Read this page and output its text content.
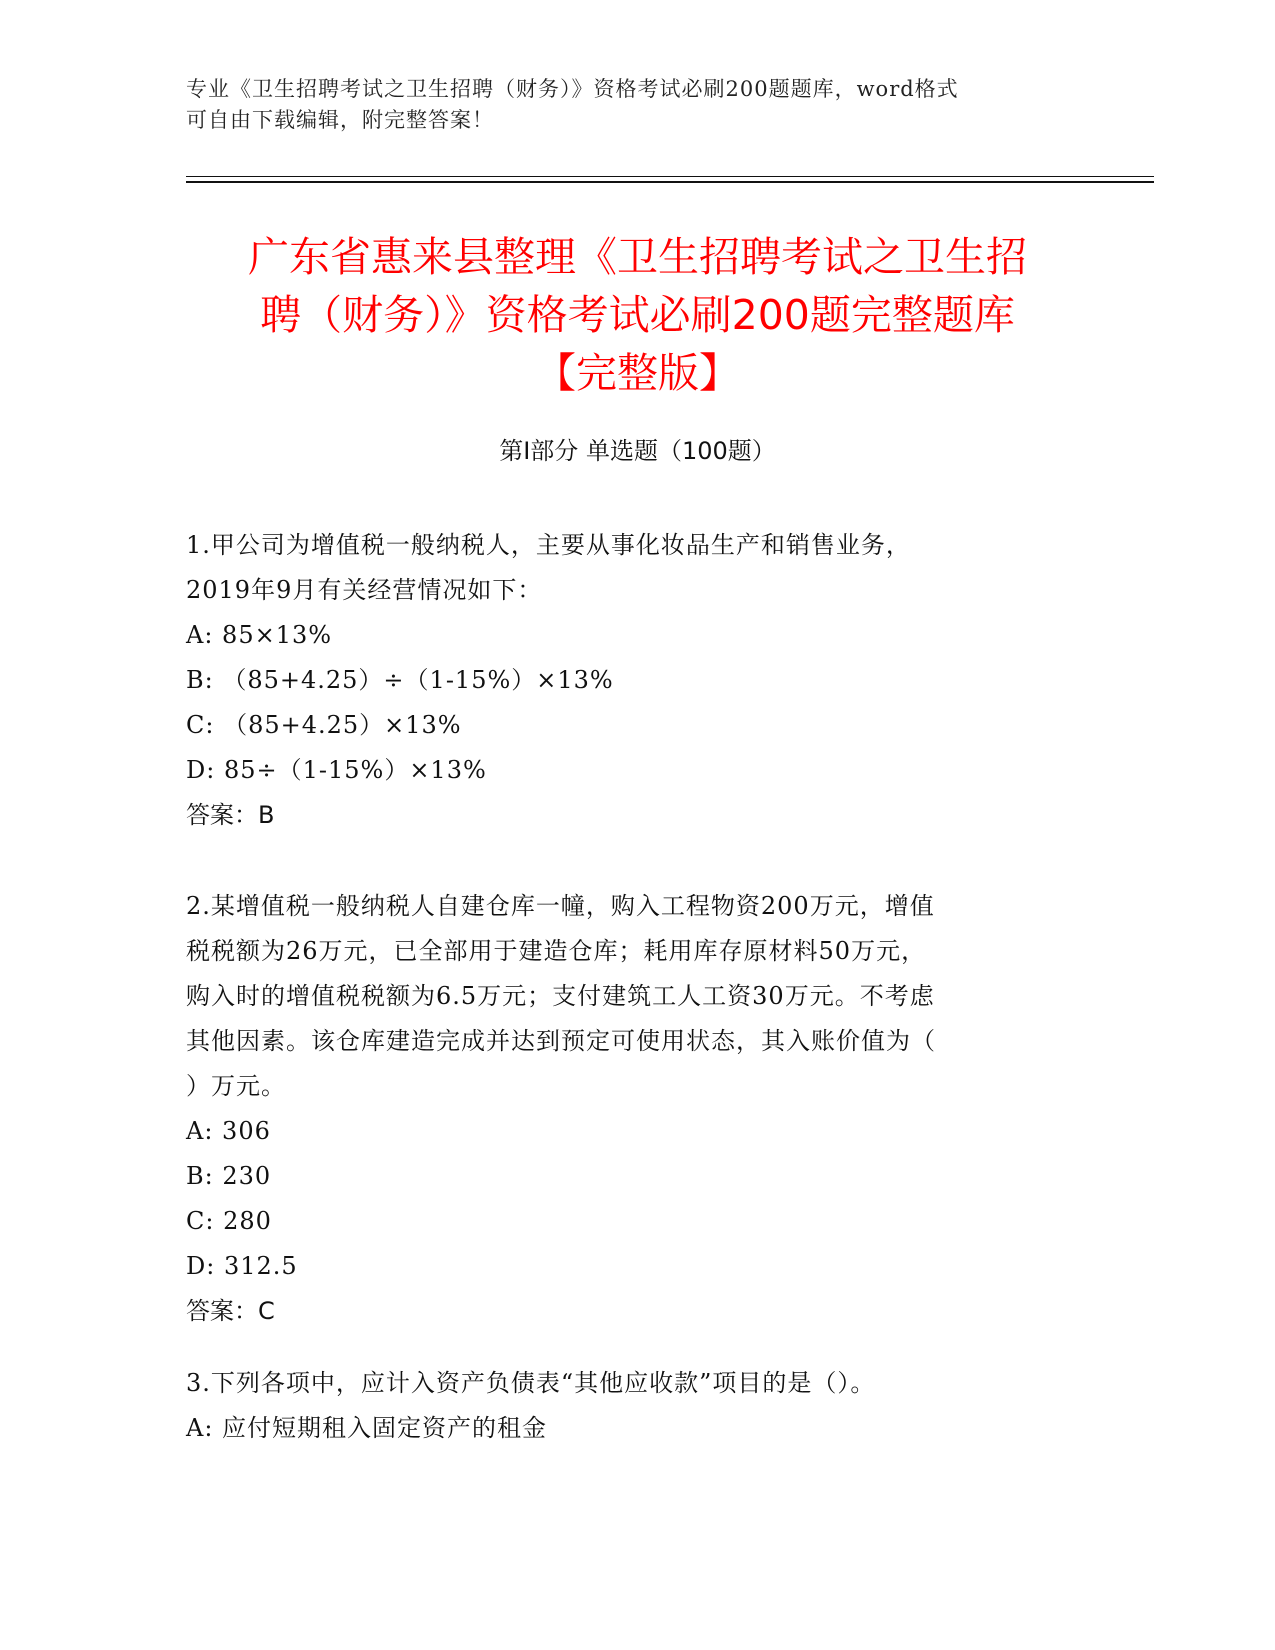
专业《卫生招聘考试之卫生招聘（财务）》资格考试必刷200题题库，word格式
可自由下载编辑，附完整答案！
广东省惠来县整理《卫生招聘考试之卫生招
聘（财务）》资格考试必刷200题完整题库
【完整版】
第Ⅰ部分 单选题（100题）
1.甲公司为增值税一般纳税人，主要从事化妆品生产和销售业务，
2019年9月有关经营情况如下：
A: 85×13%
B: （85+4.25）÷（1-15%）×13%
C: （85+4.25）×13%
D: 85÷（1-15%）×13%
答案：B
2.某增值税一般纳税人自建仓库一幢，购入工程物资200万元，增值
税税额为26万元，已全部用于建造仓库；耗用库存原材料50万元，
购入时的增值税税额为6.5万元；支付建筑工人工资30万元。不考虑
其他因素。该仓库建造完成并达到预定可使用状态，其入账价值为（
）万元。
A: 306
B: 230
C: 280
D: 312.5
答案：C
3.下列各项中，应计入资产负债表“其他应收款”项目的是（）。
A: 应付短期租入固定资产的租金
